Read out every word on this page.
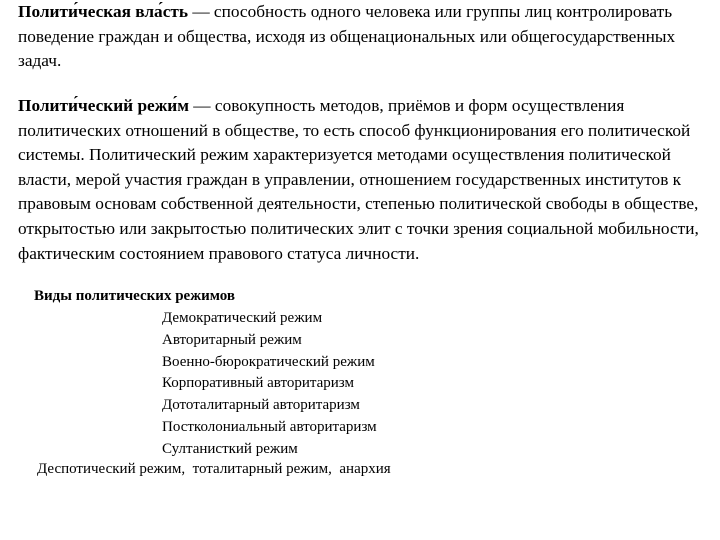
Полити́ческая вла́сть — способность одного человека или группы лиц контролировать поведение граждан и общества, исходя из общенациональных или общегосударственных задач.

Полити́ческий режи́м — совокупность методов, приёмов и форм осуществления политических отношений в обществе, то есть способ функционирования его политической системы. Политический режим характеризуется методами осуществления политической власти, мерой участия граждан в управлении, отношением государственных институтов к правовым основам собственной деятельности, степенью политической свободы в обществе, открытостью или закрытостью политических элит с точки зрения социальной мобильности, фактическим состоянием правового статуса личности.

Виды политических режимов
Демократический режим
Авторитарный режим
Военно-бюрократический режим
Корпоративный авторитаризм
Дототалитарный авторитаризм
Постколониальный авторитаризм
Султанисткий режим
Деспотический режим,  тоталитарный режим,  анархия
